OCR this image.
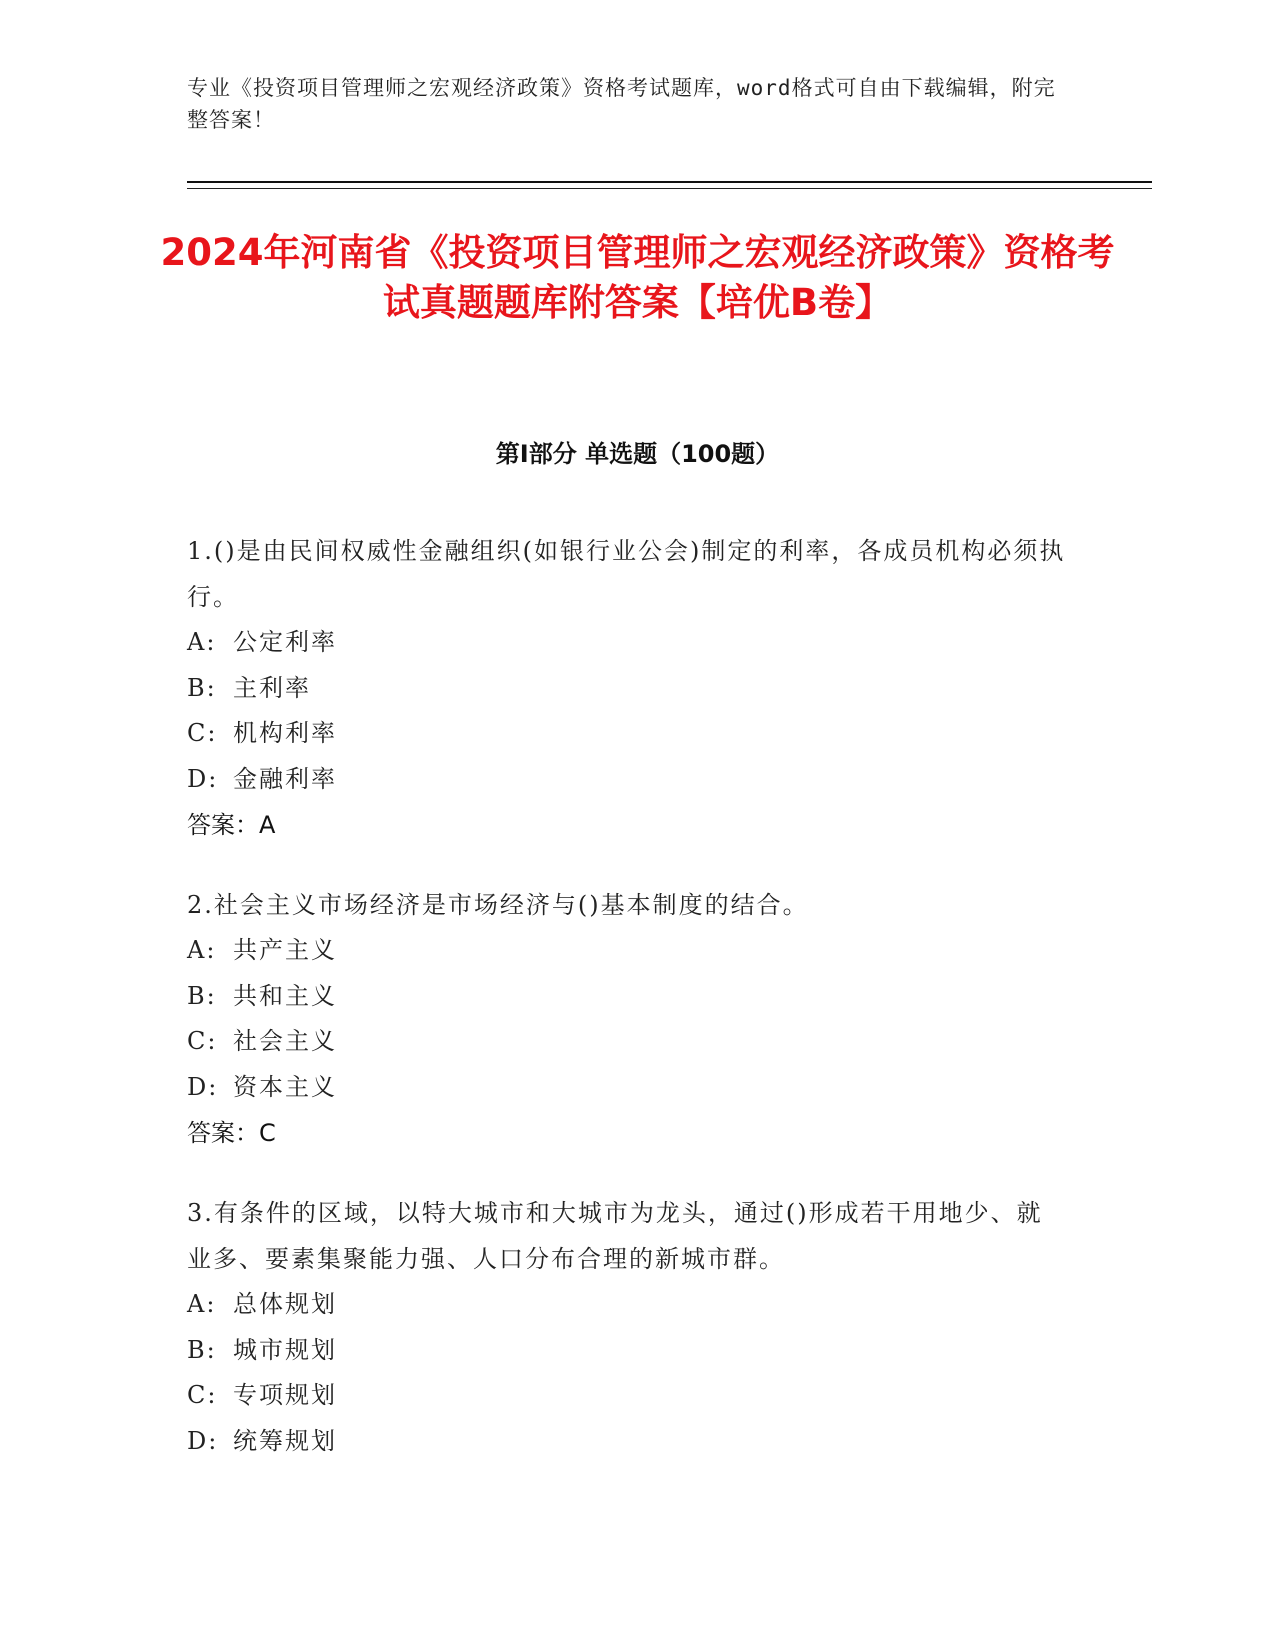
专业《投资项目管理师之宏观经济政策》资格考试题库，word格式可自由下载编辑，附完整答案！
2024年河南省《投资项目管理师之宏观经济政策》资格考试真题题库附答案【培优B卷】
第I部分 单选题（100题）

1.()是由民间权威性金融组织(如银行业公会)制定的利率，各成员机构必须执行。

A: 公定利率
B: 主利率
C: 机构利率
D: 金融利率
答案：A

2.社会主义市场经济是市场经济与()基本制度的结合。

A: 共产主义
B: 共和主义
C: 社会主义
D: 资本主义
答案：C

3.有条件的区域，以特大城市和大城市为龙头，通过()形成若干用地少、就业多、要素集聚能力强、人口分布合理的新城市群。

A: 总体规划
B: 城市规划
C: 专项规划
D: 统筹规划
